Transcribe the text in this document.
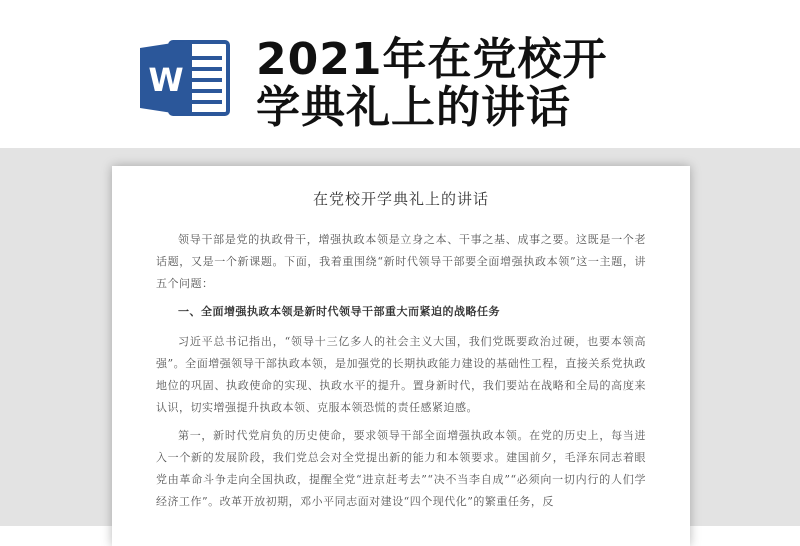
W 2021年在党校开
学典礼上的讲话
在党校开学典礼上的讲话

领导干部是党的执政骨干，增强执政本领是立身之本、干事之基、成事之要。这既是一个老话题，又是一个新课题。下面，我着重围绕“新时代领导干部要全面增强执政本领”这一主题，讲五个问题：

一、全面增强执政本领是新时代领导干部重大而紧迫的战略任务

习近平总书记指出，“领导十三亿多人的社会主义大国，我们党既要政治过硬，也要本领高强”。全面增强领导干部执政本领，是加强党的长期执政能力建设的基础性工程，直接关系党执政地位的巩固、执政使命的实现、执政水平的提升。置身新时代，我们要站在战略和全局的高度来认识，切实增强提升执政本领、克服本领恐慌的责任感紧迫感。

第一，新时代党肩负的历史使命，要求领导干部全面增强执政本领。在党的历史上，每当进入一个新的发展阶段，我们党总会对全党提出新的能力和本领要求。建国前夕，毛泽东同志着眼党由革命斗争走向全国执政，提醒全党“进京赶考去”“决不当李自成”“必须向一切内行的人们学经济工作”。改革开放初期，邓小平同志面对建设“四个现代化”的繁重任务，反
